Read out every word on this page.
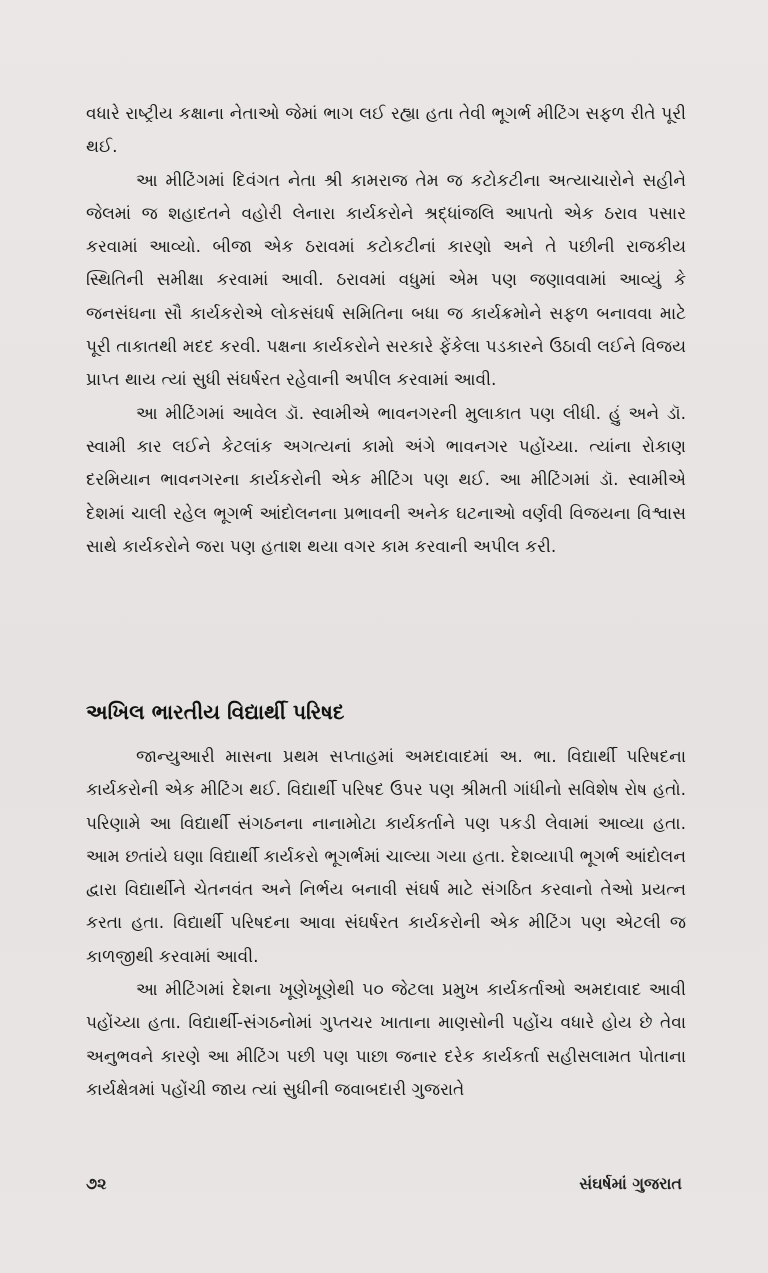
વધારે રાષ્ટ્રીય કક્ષાના નેતાઓ જેમાં ભાગ લઈ રહ્યા હતા તેવી ભૂગર્ભ મીટિંગ સફળ રીતે પૂરી થઈ.

આ મીટિંગમાં દિવંગત નેતા શ્રી કામરાજ તેમ જ કટોકટીના અત્યાચારોને સહીને જેલમાં જ શહાદતને વહોરી લેનારા કાર્યકરોને શ્રદ્ધાંજલિ આપતો એક ઠરાવ પસાર કરવામાં આવ્યો. બીજા એક ઠરાવમાં કટોકટીનાં કારણો અને તે પછીની રાજકીય સ્થિતિની સમીક્ષા કરવામાં આવી. ઠરાવમાં વધુમાં એમ પણ જણાવવામાં આવ્યું કે જનસંઘના સૌ કાર્યકરોએ લોકસંઘર્ષ સમિતિના બધા જ કાર્યક્રમોને સફળ બનાવવા માટે પૂરી તાકાતથી મદદ કરવી. પક્ષના કાર્યકરોને સરકારે ફેંકેલા પડકારને ઉઠાવી લઈને વિજય પ્રાપ્ત થાય ત્યાં સુધી સંઘર્ષરત રહેવાની અપીલ કરવામાં આવી.

આ મીટિંગમાં આવેલ ડૉ. સ્વામીએ ભાવનગરની મુલાકાત પણ લીધી. હું અને ડૉ. સ્વામી કાર લઈને કેટલાંક અગત્યનાં કામો અંગે ભાવનગર પહોંચ્યા. ત્યાંના રોકાણ દરમિયાન ભાવનગરના કાર્યકરોની એક મીટિંગ પણ થઈ. આ મીટિંગમાં ડૉ. સ્વામીએ દેશમાં ચાલી રહેલ ભૂગર્ભ આંદોલનના પ્રભાવની અનેક ઘટનાઓ વર્ણવી વિજયના વિશ્વાસ સાથે કાર્યકરોને જરા પણ હતાશ થયા વગર કામ કરવાની અપીલ કરી.

અખિલ ભારતીય વિદ્યાર્થી પરિષદ

જાન્યુઆરી માસના પ્રથમ સપ્તાહમાં અમદાવાદમાં અ. ભા. વિદ્યાર્થી પરિષદના કાર્યકરોની એક મીટિંગ થઈ. વિદ્યાર્થી પરિષદ ઉપર પણ શ્રીમતી ગાંધીનો સવિશેષ રોષ હતો. પરિણામે આ વિદ્યાર્થી સંગઠનના નાનામોટા કાર્યકર્તાને પણ પકડી લેવામાં આવ્યા હતા. આમ છતાંયે ઘણા વિદ્યાર્થી કાર્યકરો ભૂગર્ભમાં ચાલ્યા ગયા હતા. દેશવ્યાપી ભૂગર્ભ આંદોલન દ્વારા વિદ્યાર્થીને ચેતનવંત અને નિર્ભય બનાવી સંઘર્ષ માટે સંગઠિત કરવાનો તેઓ પ્રયત્ન કરતા હતા. વિદ્યાર્થી પરિષદના આવા સંઘર્ષરત કાર્યકરોની એક મીટિંગ પણ એટલી જ કાળજીથી કરવામાં આવી.

આ મીટિંગમાં દેશના ખૂણેખૂણેથી ૫૦ જેટલા પ્રમુખ કાર્યકર્તાઓ અમદાવાદ આવી પહોંચ્યા હતા. વિદ્યાર્થી-સંગઠનોમાં ગુપ્તચર ખાતાના માણસોની પહોંચ વધારે હોય છે તેવા અનુભવને કારણે આ મીટિંગ પછી પણ પાછા જનાર દરેક કાર્યકર્તા સહીસલામત પોતાના કાર્યક્ષેત્રમાં પહોંચી જાય ત્યાં સુધીની જવાબદારી ગુજરાતે

૭૨	સંઘર્ષમાં ગુજરાત
